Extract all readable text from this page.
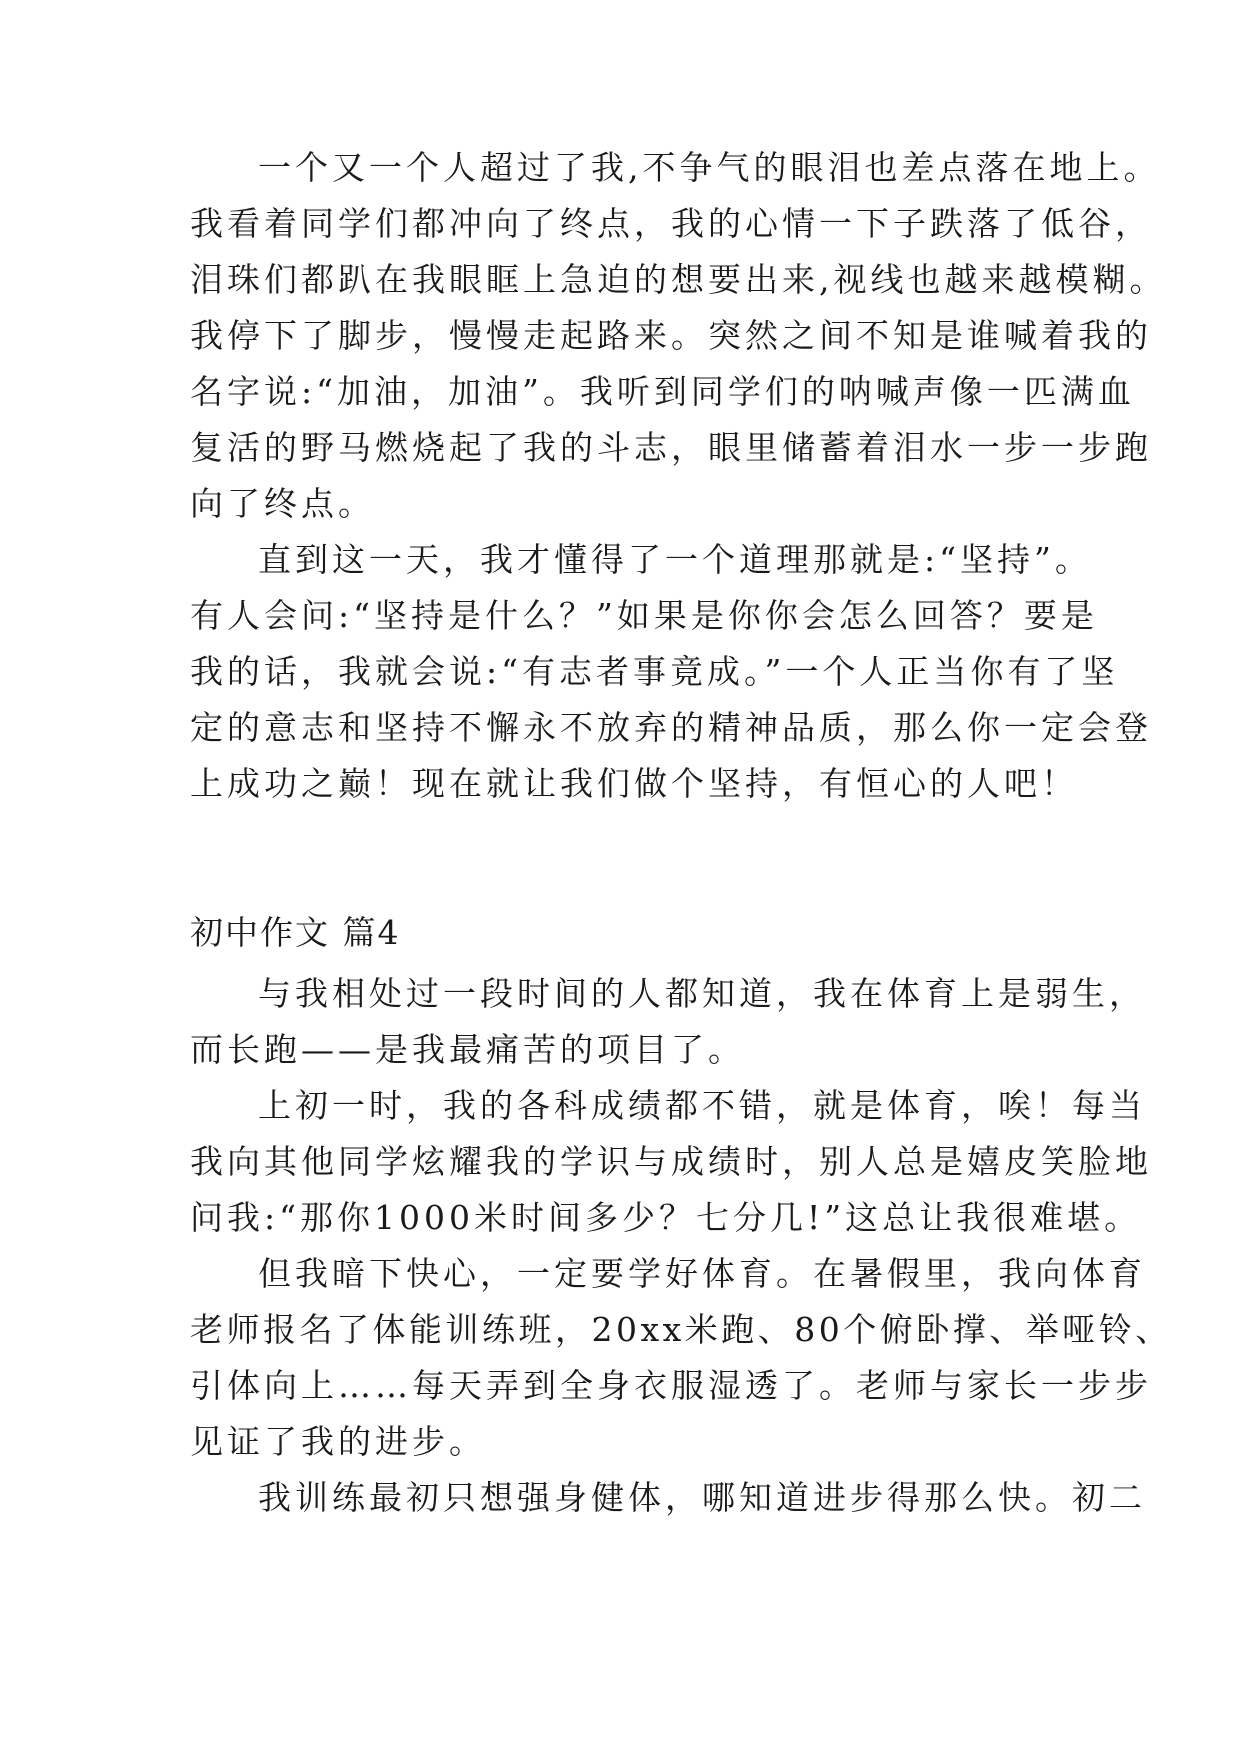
一个又一个人超过了我,不争气的眼泪也差点落在地上。
我看着同学们都冲向了终点，我的心情一下子跌落了低谷，
泪珠们都趴在我眼眶上急迫的想要出来,视线也越来越模糊。
我停下了脚步，慢慢走起路来。突然之间不知是谁喊着我的
名字说:“加油，加油”。我听到同学们的呐喊声像一匹满血
复活的野马燃烧起了我的斗志，眼里储蓄着泪水一步一步跑
向了终点。
直到这一天，我才懂得了一个道理那就是:“坚持”。
有人会问:“坚持是什么？”如果是你你会怎么回答？要是
我的话，我就会说:“有志者事竟成。”一个人正当你有了坚
定的意志和坚持不懈永不放弃的精神品质，那么你一定会登
上成功之巅！现在就让我们做个坚持，有恒心的人吧！
初中作文 篇4
与我相处过一段时间的人都知道，我在体育上是弱生，
而长跑——是我最痛苦的项目了。
上初一时，我的各科成绩都不错，就是体育，唉！每当
我向其他同学炫耀我的学识与成绩时，别人总是嬉皮笑脸地
问我:“那你1000米时间多少？七分几!”这总让我很难堪。
但我暗下快心，一定要学好体育。在暑假里，我向体育
老师报名了体能训练班，20xx米跑、80个俯卧撑、举哑铃、
引体向上……每天弄到全身衣服湿透了。老师与家长一步步
见证了我的进步。
我训练最初只想强身健体，哪知道进步得那么快。初二
